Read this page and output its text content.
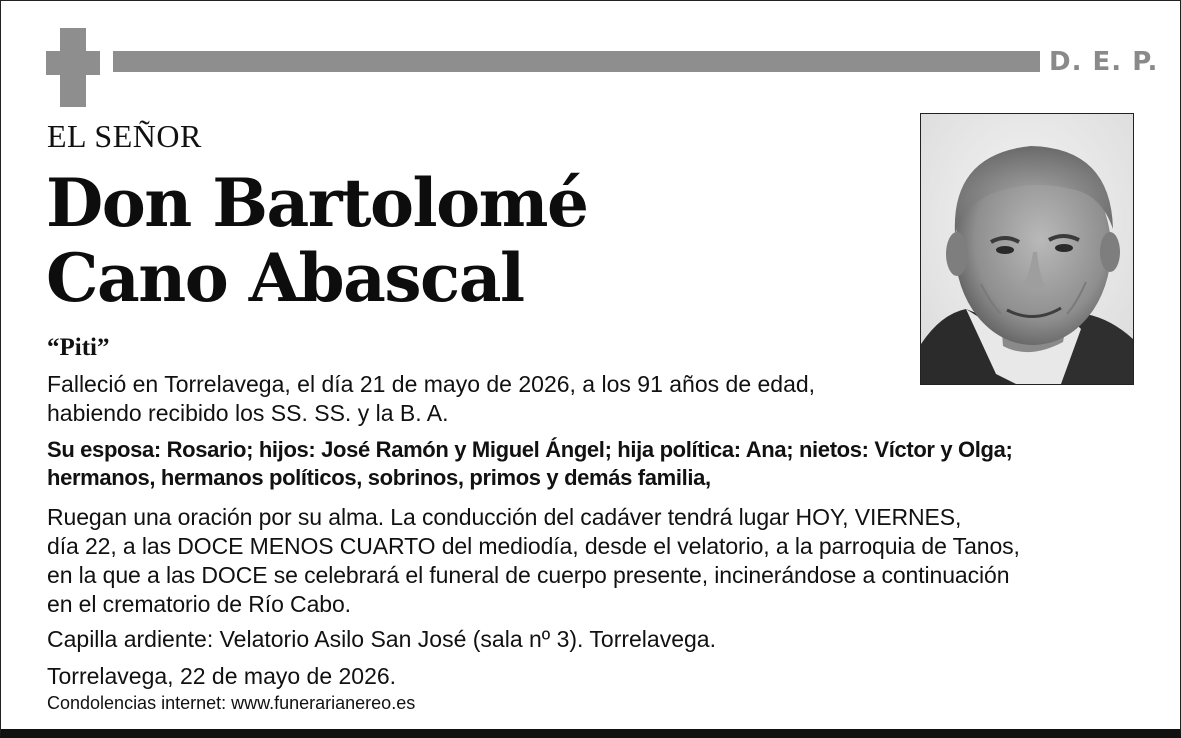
D. E. P.
EL SEÑOR
Don Bartolomé
Cano Abascal
“Piti”
Falleció en Torrelavega, el día 21 de mayo de 2026, a los 91 años de edad,
habiendo recibido los SS. SS. y la B. A.
Su esposa: Rosario; hijos: José Ramón y Miguel Ángel; hija política: Ana; nietos: Víctor y Olga;
hermanos, hermanos políticos, sobrinos, primos y demás familia,
Ruegan una oración por su alma. La conducción del cadáver tendrá lugar HOY, VIERNES,
día 22, a las DOCE MENOS CUARTO del mediodía, desde el velatorio, a la parroquia de Tanos,
en la que a las DOCE se celebrará el funeral de cuerpo presente, incinerándose a continuación
en el crematorio de Río Cabo.
Capilla ardiente: Velatorio Asilo San José (sala nº 3). Torrelavega.
Torrelavega, 22 de mayo de 2026.
Condolencias internet: www.funerarianereo.es
